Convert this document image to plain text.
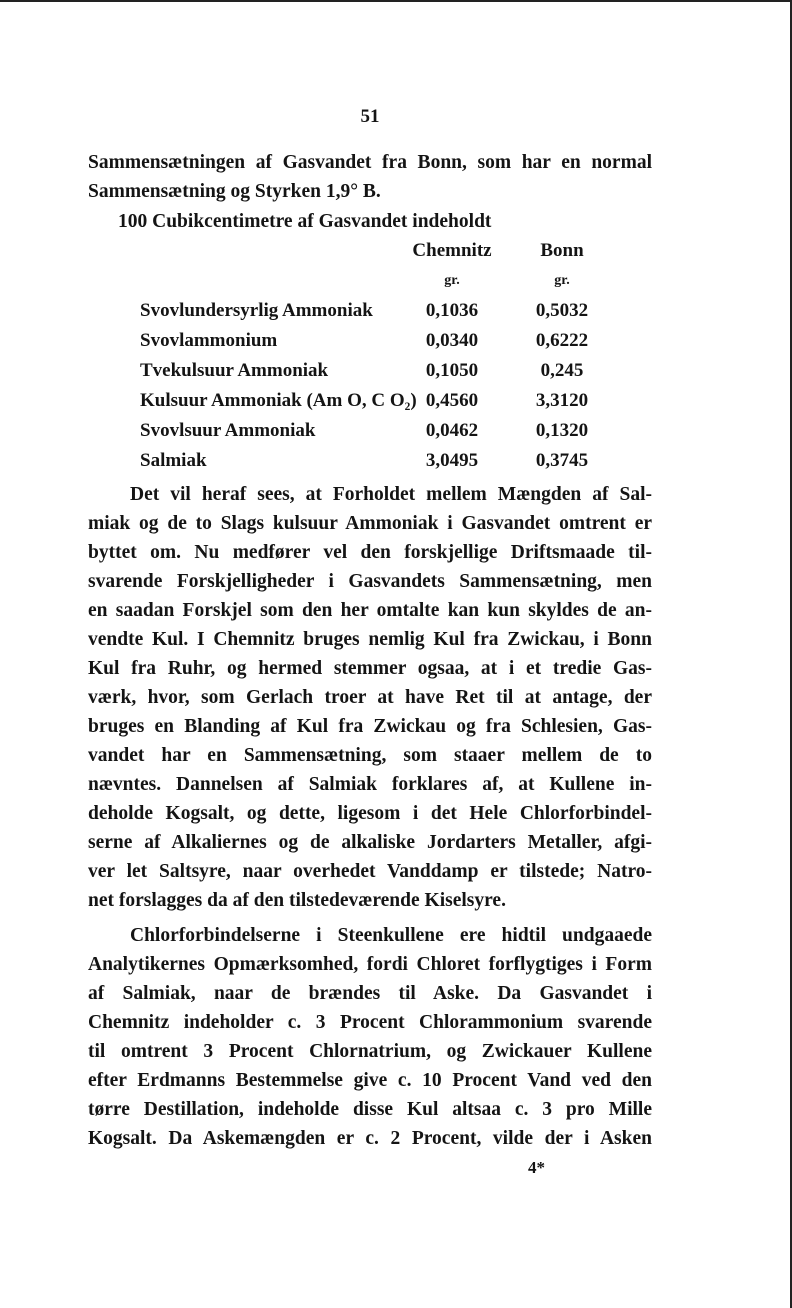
51
Sammensætningen af Gasvandet fra Bonn, som har en normal
Sammensætning og Styrken 1,9° B.
100 Cubikcentimetre af Gasvandet indeholdt
Chemnitz	Bonn
gr.	gr.
Svovlundersyrlig Ammoniak	0,1036	0,5032
Svovlammonium	0,0340	0,6222
Tvekulsuur Ammoniak	0,1050	0,245
Kulsuur Ammoniak (Am O, C O₂) 0,4560	3,3120
Svovlsuur Ammoniak	0,0462	0,1320
Salmiak	3,0495	0,3745
Det vil heraf sees, at Forholdet mellem Mængden af Sal-
miak og de to Slags kulsuur Ammoniak i Gasvandet omtrent er
byttet om. Nu medfører vel den forskjellige Driftsmaade til-
svarende Forskjelligheder i Gasvandets Sammensætning, men
en saadan Forskjel som den her omtalte kan kun skyldes de an-
vendte Kul. I Chemnitz bruges nemlig Kul fra Zwickau, i Bonn
Kul fra Ruhr, og hermed stemmer ogsaa, at i et tredie Gas-
værk, hvor, som Gerlach troer at have Ret til at antage, der
bruges en Blanding af Kul fra Zwickau og fra Schlesien, Gas-
vandet har en Sammensætning, som staaer mellem de to
nævntes. Dannelsen af Salmiak forklares af, at Kullene in-
deholde Kogsalt, og dette, ligesom i det Hele Chlorforbindel-
serne af Alkaliernes og de alkaliske Jordarters Metaller, afgi-
ver let Saltsyre, naar overhedet Vanddamp er tilstede; Natro-
net forslagges da af den tilstedeværende Kiselsyre.
Chlorforbindelserne i Steenkullene ere hidtil undgaaede
Analytikernes Opmærksomhed, fordi Chloret forflygtiges i Form
af Salmiak, naar de brændes til Aske. Da Gasvandet i
Chemnitz indeholder c. 3 Procent Chlorammonium svarende
til omtrent 3 Procent Chlornatrium, og Zwickauer Kullene
efter Erdmanns Bestemmelse give c. 10 Procent Vand ved den
tørre Destillation, indeholde disse Kul altsaa c. 3 pro Mille
Kogsalt. Da Askemængden er c. 2 Procent, vilde der i Asken
4*
